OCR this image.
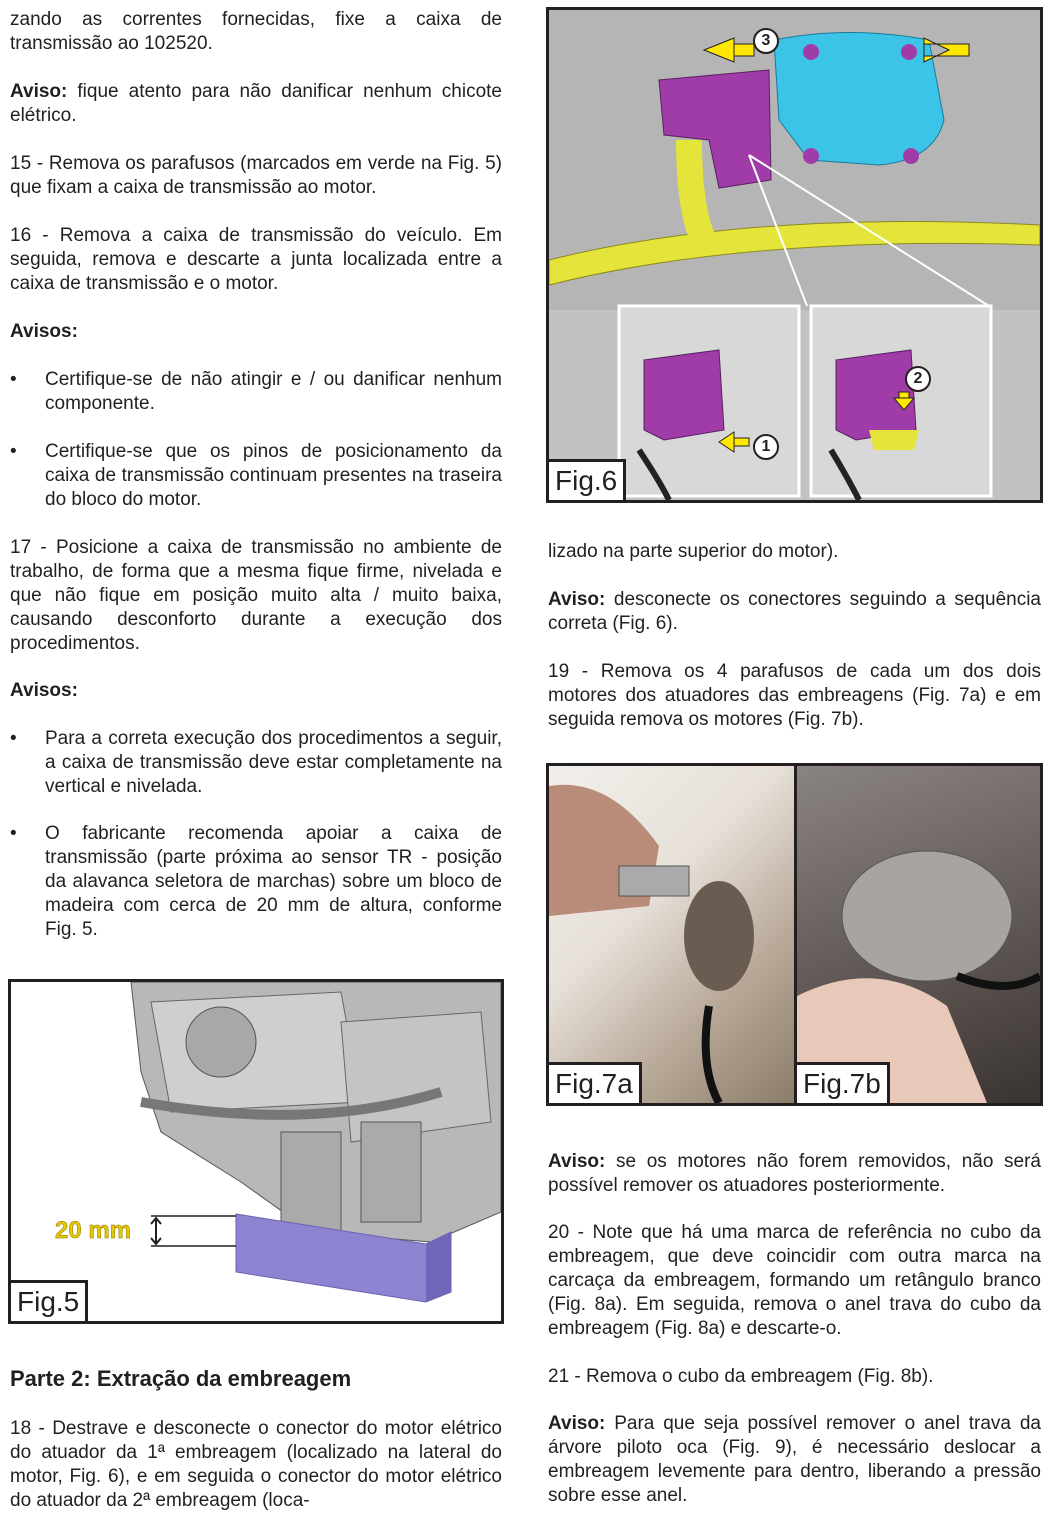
zando as correntes fornecidas, fixe a caixa de transmissão ao 102520.

Aviso: fique atento para não danificar nenhum chicote elétrico.

15 - Remova os parafusos (marcados em verde na Fig. 5) que fixam a caixa de transmissão ao motor.

16 - Remova a caixa de transmissão do veículo. Em seguida, remova e descarte a junta localizada entre a caixa de transmissão e o motor.

Avisos:

• Certifique-se de não atingir e / ou danificar nenhum componente.

• Certifique-se que os pinos de posicionamento da caixa de transmissão continuam presentes na traseira do bloco do motor.

17 - Posicione a caixa de transmissão no ambiente de trabalho, de forma que a mesma fique firme, nivelada e que não fique em posição muito alta / muito baixa, causando desconforto durante a execução dos procedimentos.

Avisos:

• Para a correta execução dos procedimentos a seguir, a caixa de transmissão deve estar completamente na vertical e nivelada.

• O fabricante recomenda apoiar a caixa de transmissão (parte próxima ao sensor TR - posição da alavanca seletora de marchas) sobre um bloco de madeira com cerca de 20 mm de altura, conforme Fig. 5.

20 mm
Fig.5
Parte 2: Extração da embreagem

18 - Destrave e desconecte o conector do motor elétrico do atuador da 1ª embreagem (localizado na lateral do motor, Fig. 6), e em seguida o conector do motor elétrico do atuador da 2ª embreagem (loca-

3
2
1
Fig.6

lizado na parte superior do motor).

Aviso: desconecte os conectores seguindo a sequência correta (Fig. 6).

19 - Remova os 4 parafusos de cada um dos dois motores dos atuadores das embreagens (Fig. 7a) e em seguida remova os motores (Fig. 7b).

Fig.7a	Fig.7b

Aviso: se os motores não forem removidos, não será possível remover os atuadores posteriormente.

20 - Note que há uma marca de referência no cubo da embreagem, que deve coincidir com outra marca na carcaça da embreagem, formando um retângulo branco (Fig. 8a). Em seguida, remova o anel trava do cubo da embreagem (Fig. 8a) e descarte-o.

21 - Remova o cubo da embreagem (Fig. 8b).

Aviso: Para que seja possível remover o anel trava da árvore piloto oca (Fig. 9), é necessário deslocar a embreagem levemente para dentro, liberando a pressão sobre esse anel.
